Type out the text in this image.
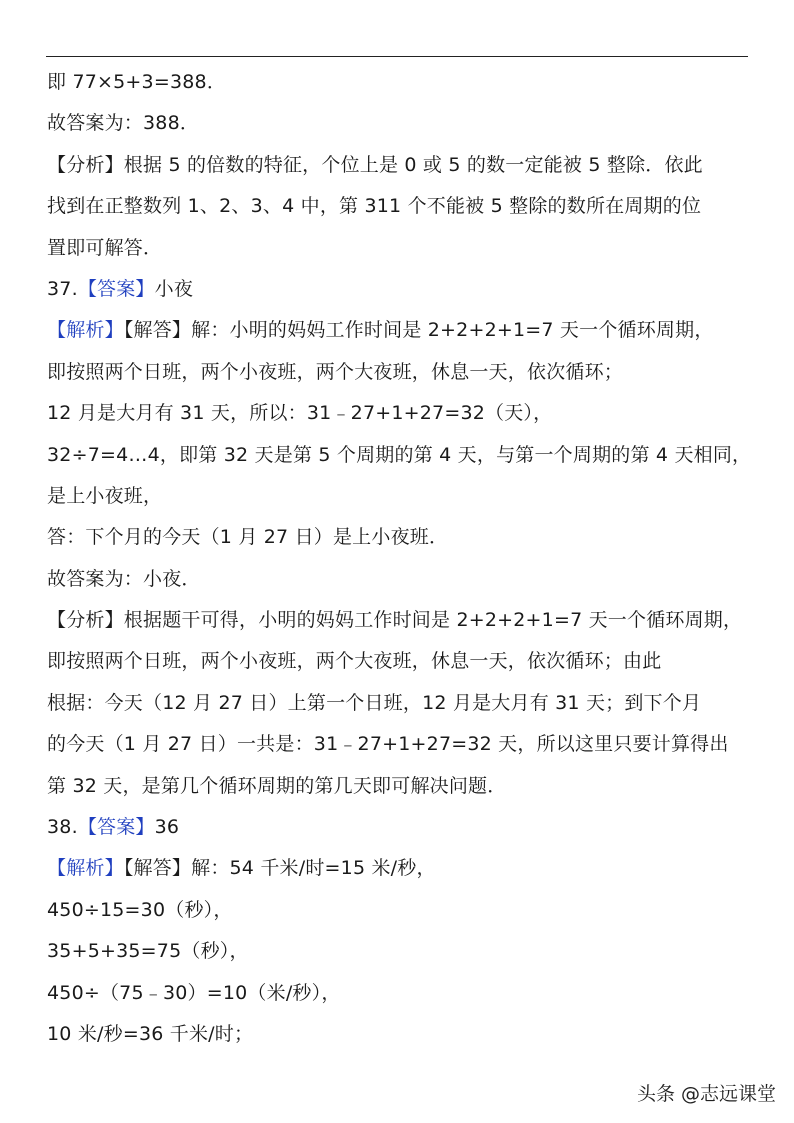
即 77×5+3=388．
故答案为：388．
【分析】根据 5 的倍数的特征，个位上是 0 或 5 的数一定能被 5 整除．依此
找到在正整数列 1、2、3、4 中，第 311 个不能被 5 整除的数所在周期的位
置即可解答．
37.【答案】小夜
【解析】【解答】解：小明的妈妈工作时间是 2+2+2+1=7 天一个循环周期，
即按照两个日班，两个小夜班，两个大夜班，休息一天，依次循环；
12 月是大月有 31 天，所以：31﹣27+1+27=32（天），
32÷7=4…4，即第 32 天是第 5 个周期的第 4 天，与第一个周期的第 4 天相同，
是上小夜班，
答：下个月的今天（1 月 27 日）是上小夜班．
故答案为：小夜．
【分析】根据题干可得，小明的妈妈工作时间是 2+2+2+1=7 天一个循环周期，
即按照两个日班，两个小夜班，两个大夜班，休息一天，依次循环；由此
根据：今天（12 月 27 日）上第一个日班，12 月是大月有 31 天；到下个月
的今天（1 月 27 日）一共是：31﹣27+1+27=32 天，所以这里只要计算得出
第 32 天，是第几个循环周期的第几天即可解决问题．
38.【答案】36
【解析】【解答】解：54 千米/时=15 米/秒，
450÷15=30（秒），
35+5+35=75（秒），
450÷（75﹣30）=10（米/秒），
10 米/秒=36 千米/时；
头条 @志远课堂
